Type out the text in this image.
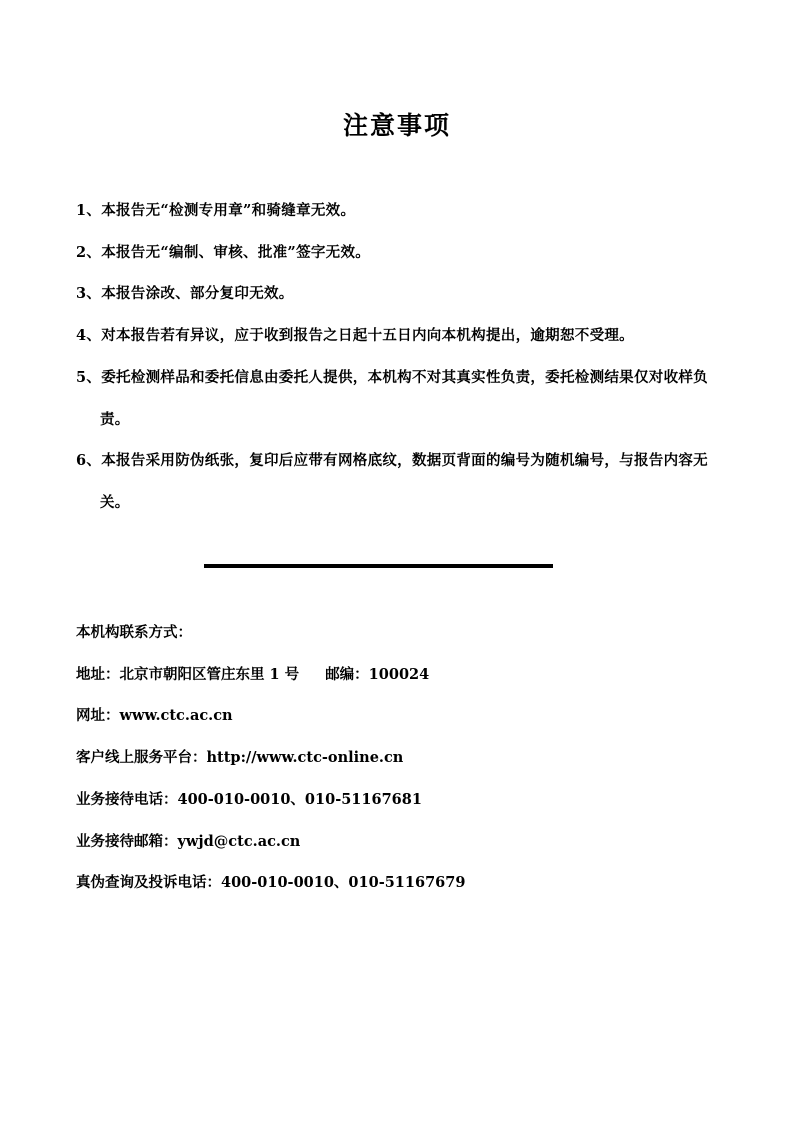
注意事项
1、本报告无“检测专用章”和骑缝章无效。
2、本报告无“编制、审核、批准”签字无效。
3、本报告涂改、部分复印无效。
4、对本报告若有异议，应于收到报告之日起十五日内向本机构提出，逾期恕不受理。
5、委托检测样品和委托信息由委托人提供，本机构不对其真实性负责，委托检测结果仅对收样负责。
6、本报告采用防伪纸张，复印后应带有网格底纹，数据页背面的编号为随机编号，与报告内容无关。
本机构联系方式：
地址：北京市朝阳区管庄东里 1 号 邮编：100024
网址：www.ctc.ac.cn
客户线上服务平台：http://www.ctc-online.cn
业务接待电话：400-010-0010、010-51167681
业务接待邮箱：ywjd@ctc.ac.cn
真伪查询及投诉电话：400-010-0010、010-51167679
